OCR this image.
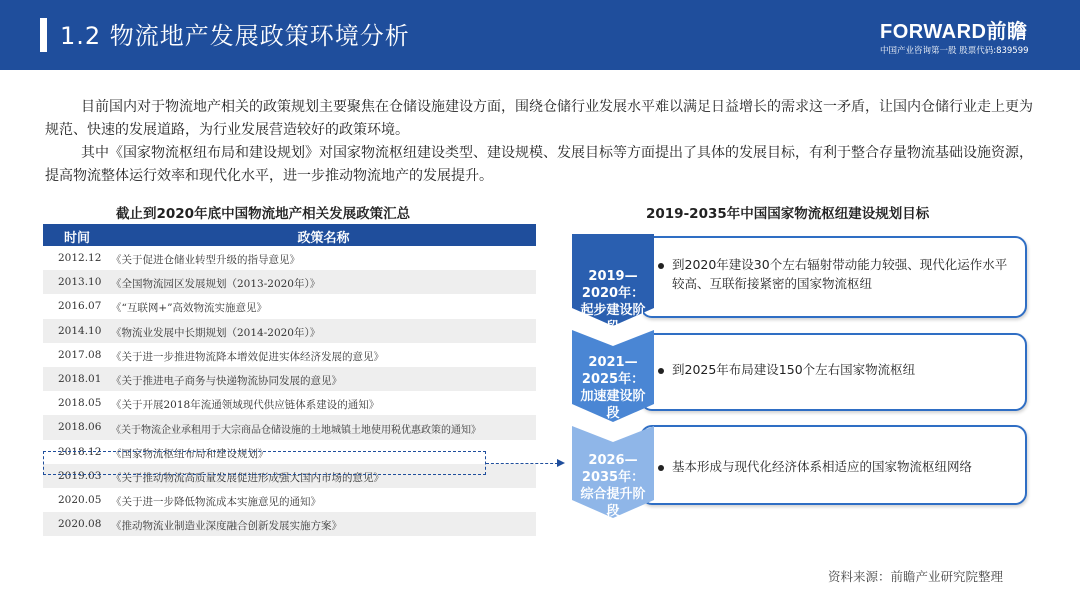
1.2 物流地产发展政策环境分析	FORWARD前瞻
中国产业咨询第一股 股票代码:839599

目前国内对于物流地产相关的政策规划主要聚焦在仓储设施建设方面，围绕仓储行业发展水平难以满足日益增长的需求这一矛盾，让国内仓储行业走上更为规范、快速的发展道路，为行业发展营造较好的政策环境。

其中《国家物流枢纽布局和建设规划》对国家物流枢纽建设类型、建设规模、发展目标等方面提出了具体的发展目标，有利于整合存量物流基础设施资源，提高物流整体运行效率和现代化水平，进一步推动物流地产的发展提升。

截止到2020年底中国物流地产相关发展政策汇总
时间	政策名称
2012.12 《关于促进仓储业转型升级的指导意见》
2013.10 《全国物流园区发展规划（2013-2020年）》
2016.07 《“互联网+”高效物流实施意见》
2014.10 《物流业发展中长期规划（2014-2020年）》
2017.08 《关于进一步推进物流降本增效促进实体经济发展的意见》
2018.01 《关于推进电子商务与快递物流协同发展的意见》
2018.05 《关于开展2018年流通领域现代供应链体系建设的通知》
2018.06 《关于物流企业承租用于大宗商品仓储设施的土地城镇土地使用税优惠政策的通知》
2018.12 《国家物流枢纽布局和建设规划》
2019.03 《关于推动物流高质量发展促进形成强大国内市场的意见》
2020.05 《关于进一步降低物流成本实施意见的通知》
2020.08 《推动物流业制造业深度融合创新发展实施方案》
2019-2035年中国国家物流枢纽建设规划目标
到2020年建设30个左右辐射带动能力较强、现代化运作水平较高、互联衔接紧密的国家物流枢纽
2019—2020年：起步建设阶段
到2025年布局建设150个左右国家物流枢纽
2021—2025年：加速建设阶段
基本形成与现代化经济体系相适应的国家物流枢纽网络
2026—2035年：综合提升阶段
资料来源：前瞻产业研究院整理
